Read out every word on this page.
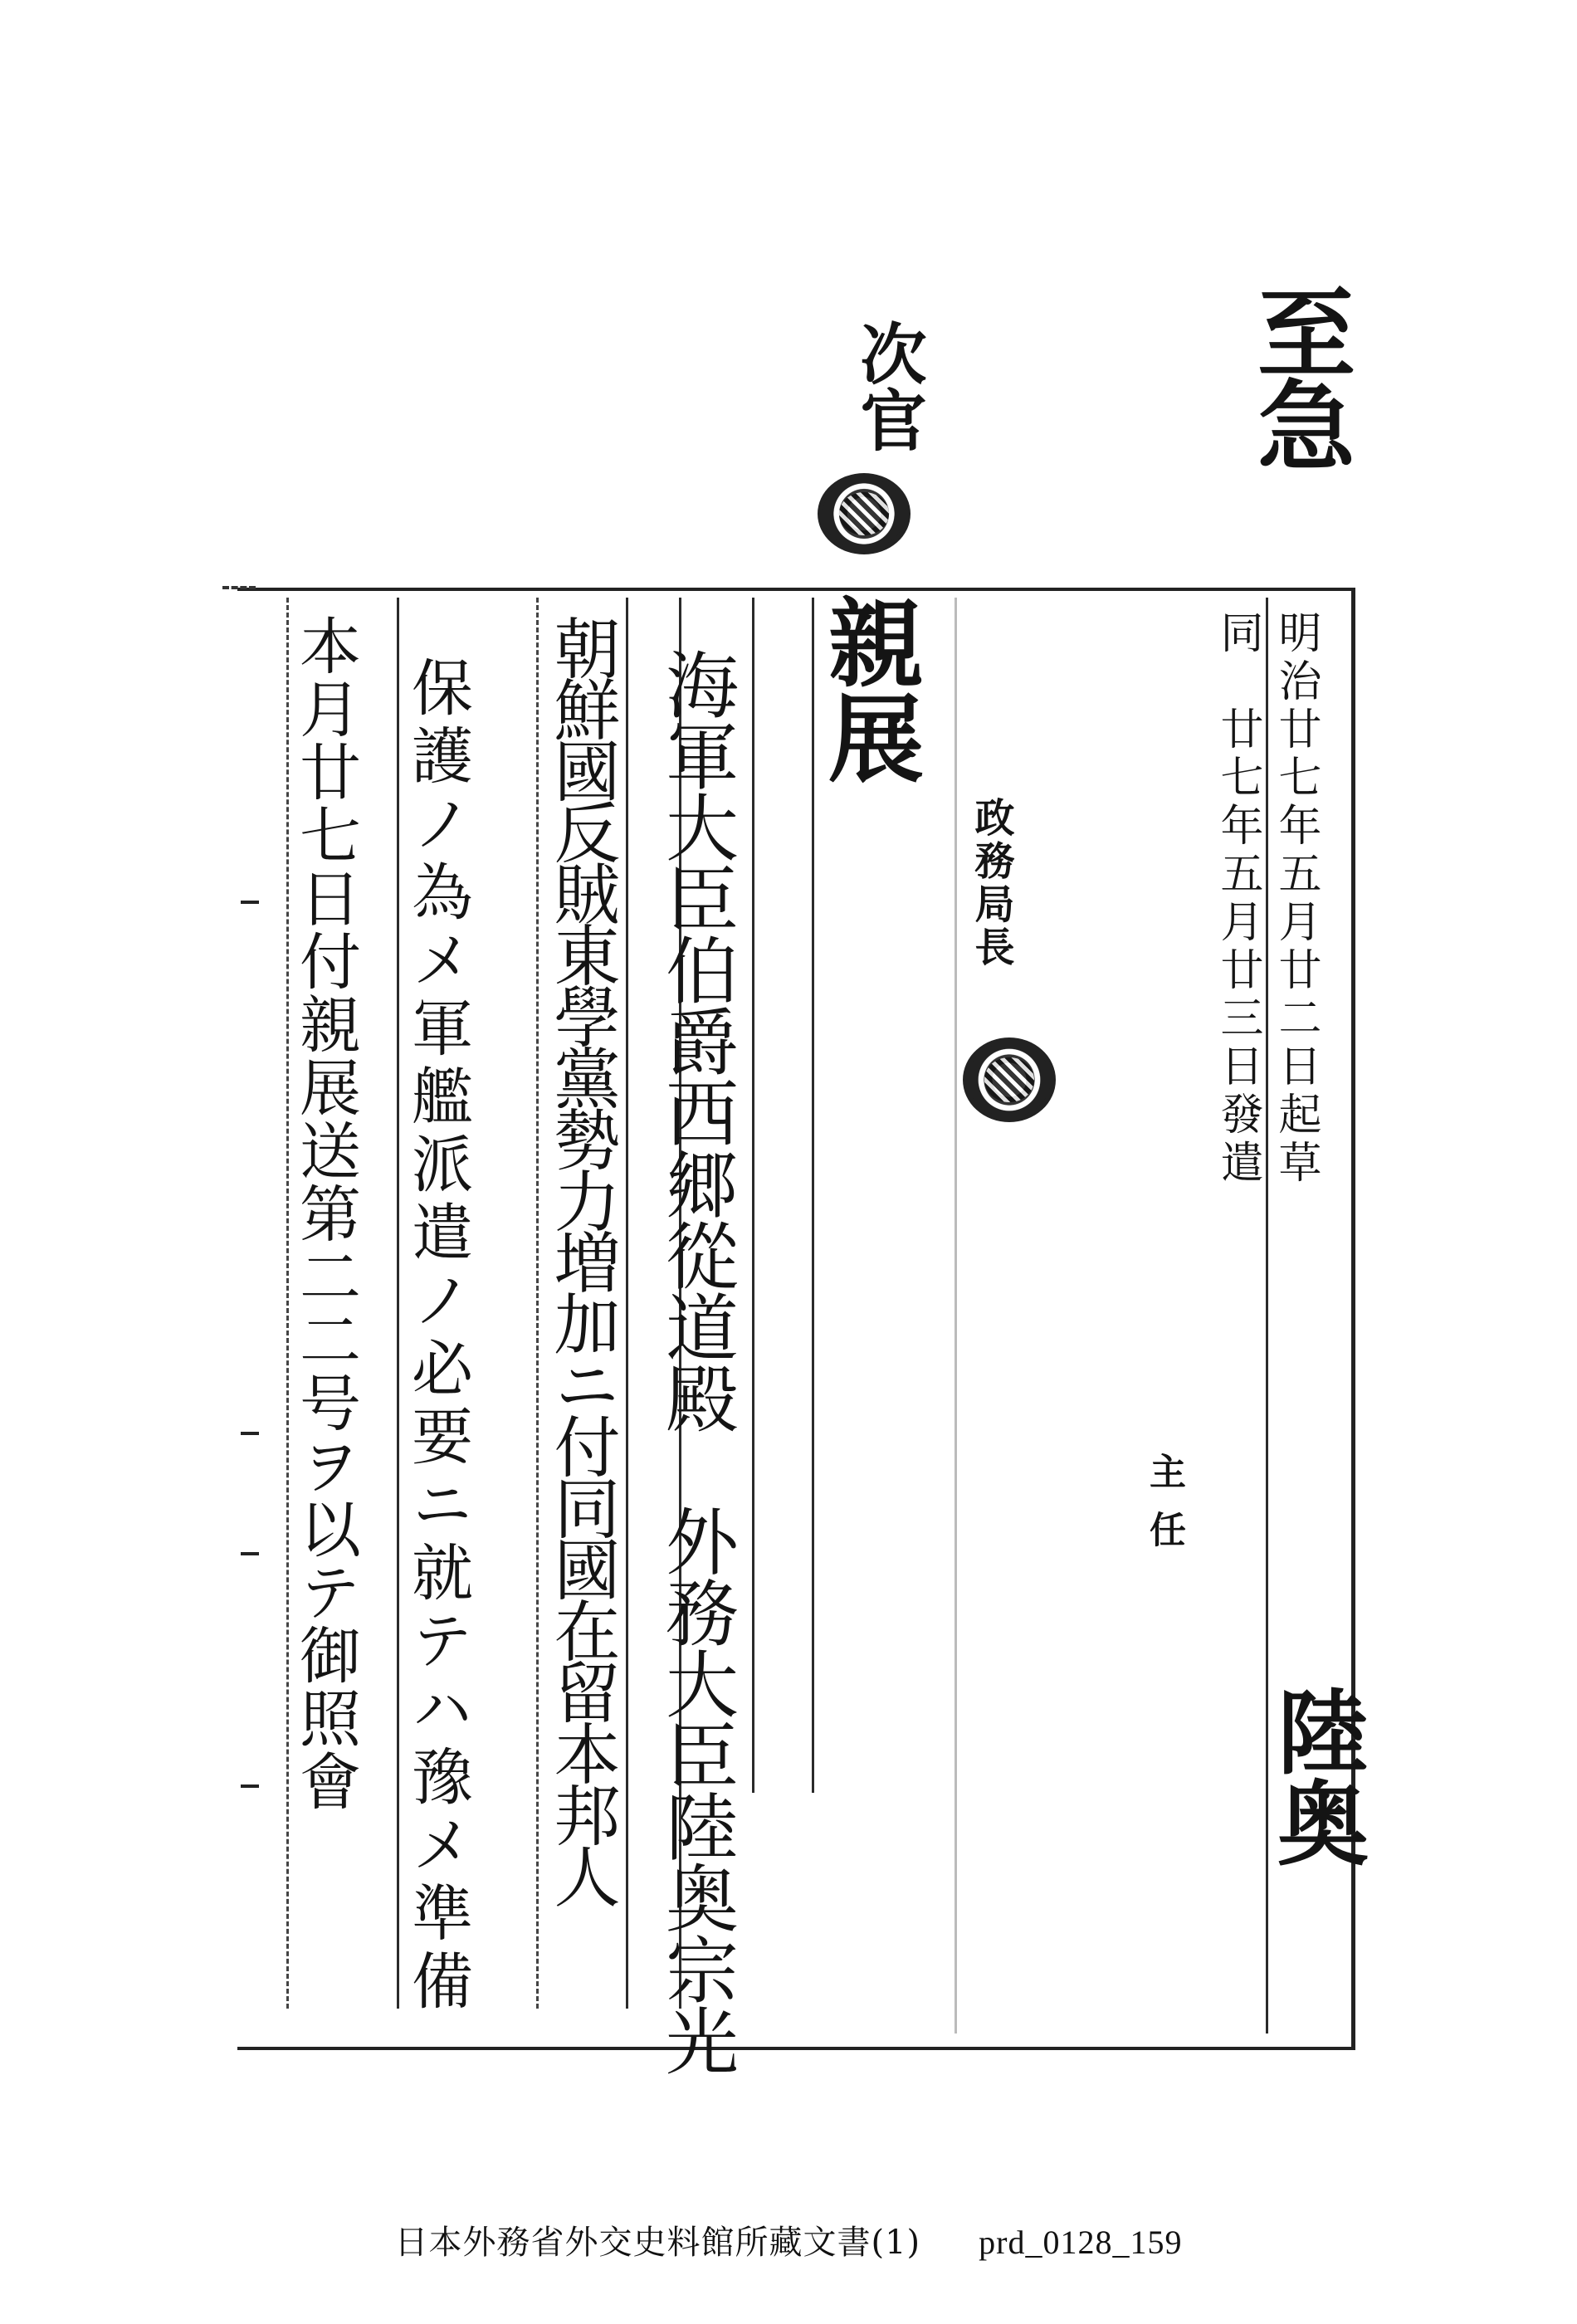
至急
次官
明治廿七年五月廿二日起草
同　廿七年五月廿三日發遣
政務局長
主任
陸奥
親展
海軍大臣伯爵西郷從道殿　外務大臣陸奥宗光
朝鮮國反賊東學黨勢力増加ニ付同國在留本邦人
保護ノ為メ軍艦派遣ノ必要ニ就テハ豫メ準備
本月廿七日付親展送第二二号ヲ以テ御照會
日本外務省外交史料館所藏文書(1) prd_0128_159
